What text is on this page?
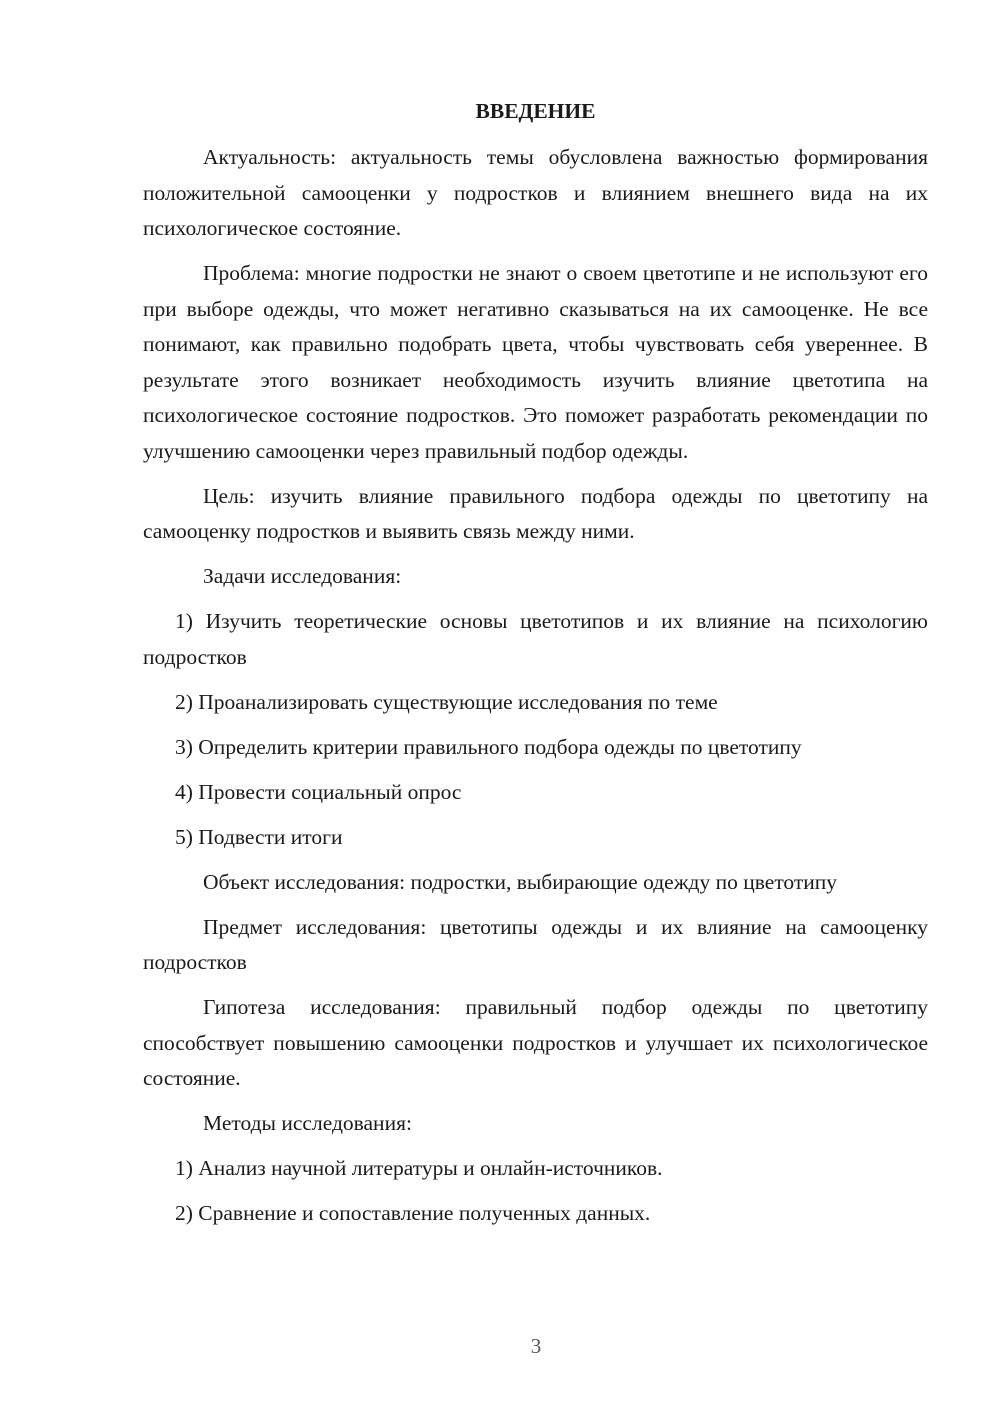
ВВЕДЕНИЕ

Актуальность: актуальность темы обусловлена важностью формирования положительной самооценки у подростков и влиянием внешнего вида на их психологическое состояние.

Проблема: многие подростки не знают о своем цветотипе и не используют его при выборе одежды, что может негативно сказываться на их самооценке. Не все понимают, как правильно подобрать цвета, чтобы чувствовать себя увереннее. В результате этого возникает необходимость изучить влияние цветотипа на психологическое состояние подростков. Это поможет разработать рекомендации по улучшению самооценки через правильный подбор одежды.

Цель: изучить влияние правильного подбора одежды по цветотипу на самооценку подростков и выявить связь между ними.

Задачи исследования:

1) Изучить теоретические основы цветотипов и их влияние на психологию подростков

2) Проанализировать существующие исследования по теме

3) Определить критерии правильного подбора одежды по цветотипу

4) Провести социальный опрос

5) Подвести итоги

Объект исследования: подростки, выбирающие одежду по цветотипу

Предмет исследования: цветотипы одежды и их влияние на самооценку подростков

Гипотеза исследования: правильный подбор одежды по цветотипу способствует повышению самооценки подростков и улучшает их психологическое состояние.

Методы исследования:

1) Анализ научной литературы и онлайн-источников.

2) Сравнение и сопоставление полученных данных.

3
